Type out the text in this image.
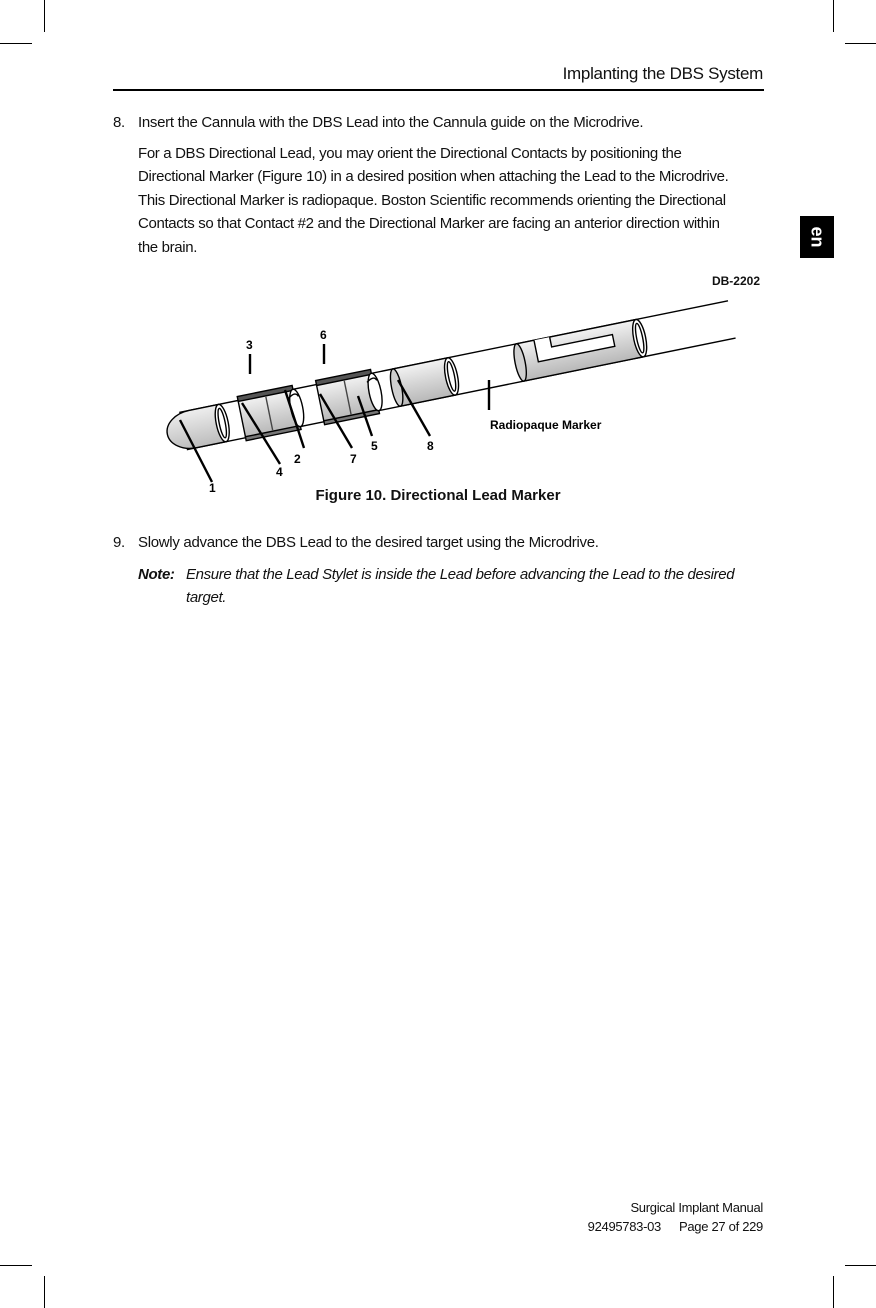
Implanting the DBS System
en
8. Insert the Cannula with the DBS Lead into the Cannula guide on the Microdrive.
For a DBS Directional Lead, you may orient the Directional Contacts by positioning the
Directional Marker (Figure 10) in a desired position when attaching the Lead to the Microdrive.
This Directional Marker is radiopaque. Boston Scientific recommends orienting the Directional
Contacts so that Contact #2 and the Directional Marker are facing an anterior direction within
the brain.
DB-2202
1
2
3
4
5
6
7
8
Radiopaque Marker
Figure 10. Directional Lead Marker
9. Slowly advance the DBS Lead to the desired target using the Microdrive.
Note: Ensure that the Lead Stylet is inside the Lead before advancing the Lead to the desired
target.
Surgical Implant Manual
92495783-03 Page 27 of 229
